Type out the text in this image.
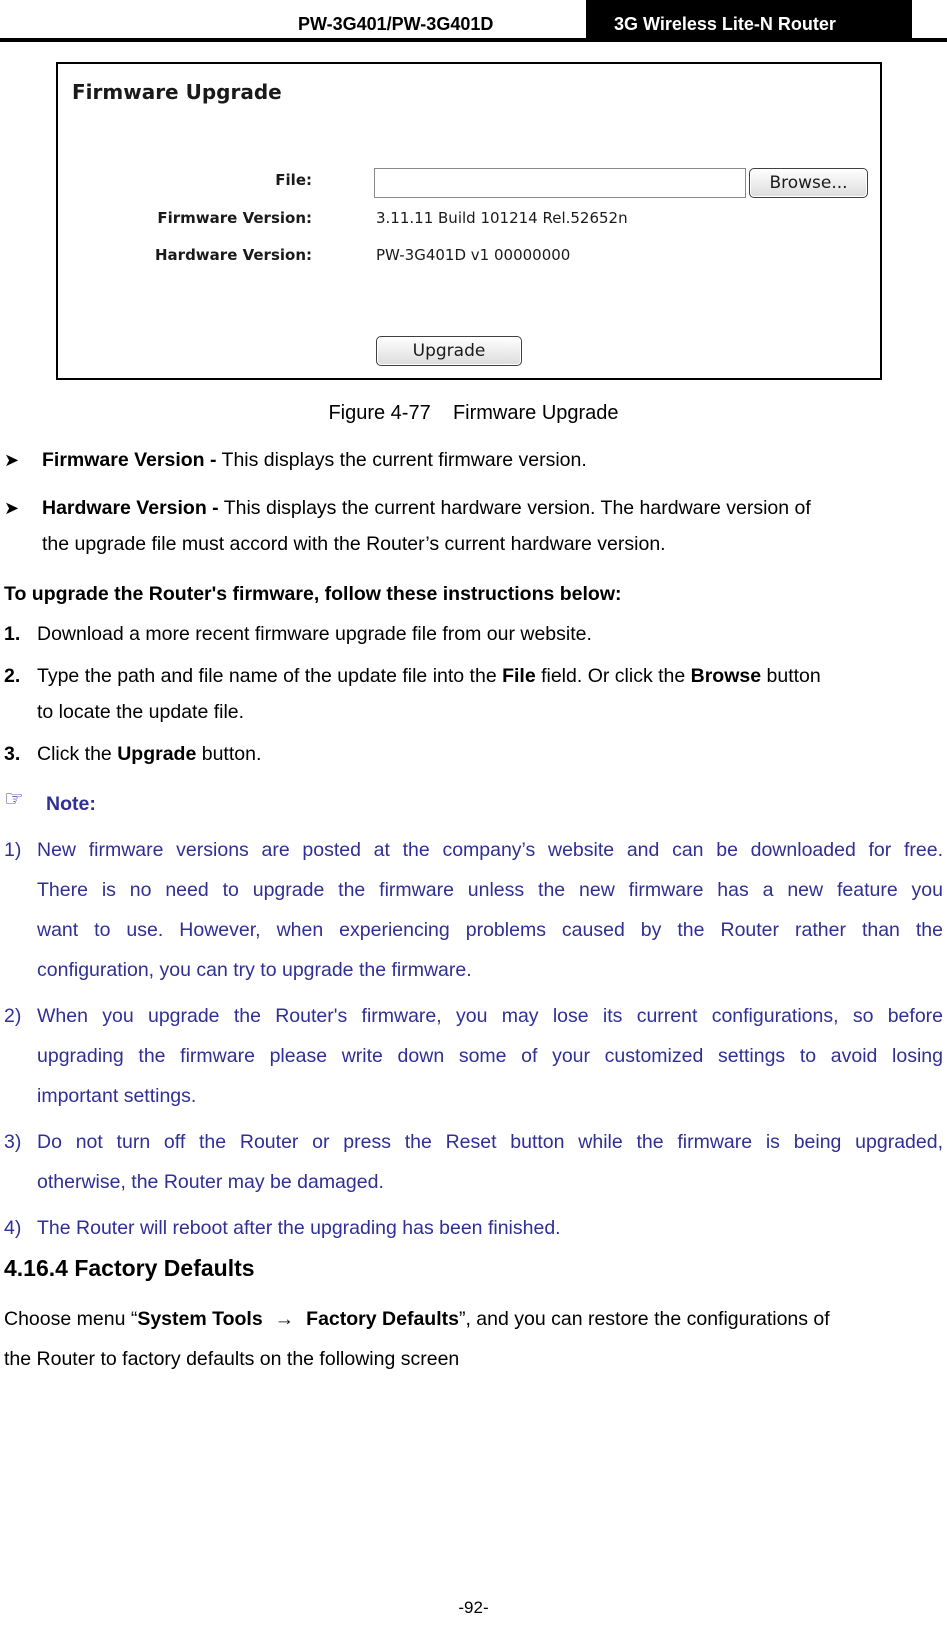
PW-3G401/PW-3G401D	3G Wireless Lite-N Router
Firmware Upgrade
File:	Browse...
Firmware Version:	3.11.11 Build 101214 Rel.52652n
Hardware Version:	PW-3G401D v1 00000000
Upgrade
Figure 4-77    Firmware Upgrade
➤ Firmware Version - This displays the current firmware version.
➤ Hardware Version - This displays the current hardware version. The hardware version of
the upgrade file must accord with the Router’s current hardware version.
To upgrade the Router's firmware, follow these instructions below:
1. Download a more recent firmware upgrade file from our website.
2. Type the path and file name of the update file into the File field. Or click the Browse button
to locate the update file.
3. Click the Upgrade button.
☞ Note:
1) New firmware versions are posted at the company’s website and can be downloaded for free.
There is no need to upgrade the firmware unless the new firmware has a new feature you
want to use. However, when experiencing problems caused by the Router rather than the
configuration, you can try to upgrade the firmware.
2) When you upgrade the Router's firmware, you may lose its current configurations, so before
upgrading the firmware please write down some of your customized settings to avoid losing
important settings.
3) Do not turn off the Router or press the Reset button while the firmware is being upgraded,
otherwise, the Router may be damaged.
4) The Router will reboot after the upgrading has been finished.
4.16.4 Factory Defaults
Choose menu “System Tools → Factory Defaults”, and you can restore the configurations of
the Router to factory defaults on the following screen
-92-
